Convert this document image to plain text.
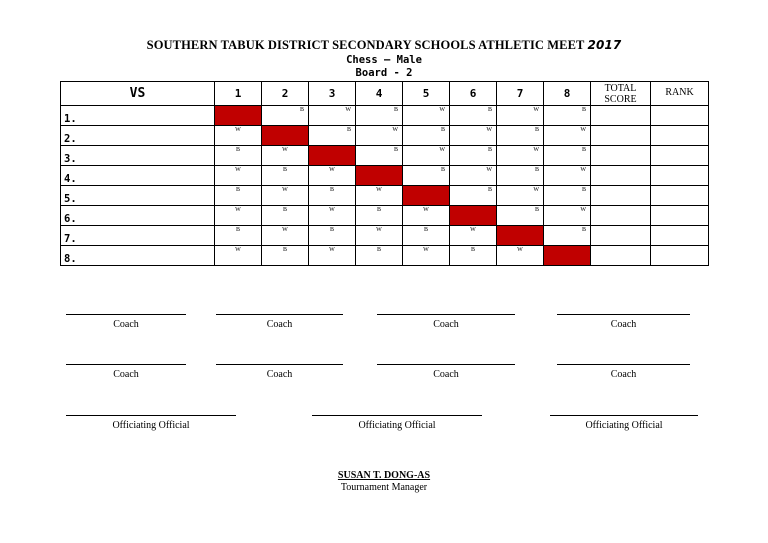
SOUTHERN TABUK DISTRICT SECONDARY SCHOOLS ATHLETIC MEET 2017
Chess – Male
Board - 2
VS	1	2	3	4	5	6	7	8	TOTAL SCORE	RANK
1.		B	W	B	W	B	W	B		

2.	W		B	W	B	W	B	W		

3.	B	W		B	W	B	W	B		

4.	W	B	W		B	W	B	W		

5.	B	W	B	W		B	W	B		

6.	W	B	W	B	W		B	W		

7.	B	W	B	W	B	W		B		

8.	W	B	W	B	W	B	W			

Coach	Coach	Coach	Coach
Coach	Coach	Coach	Coach
Officiating Official	Officiating Official	Officiating Official
SUSAN T. DONG-AS
Tournament Manager
